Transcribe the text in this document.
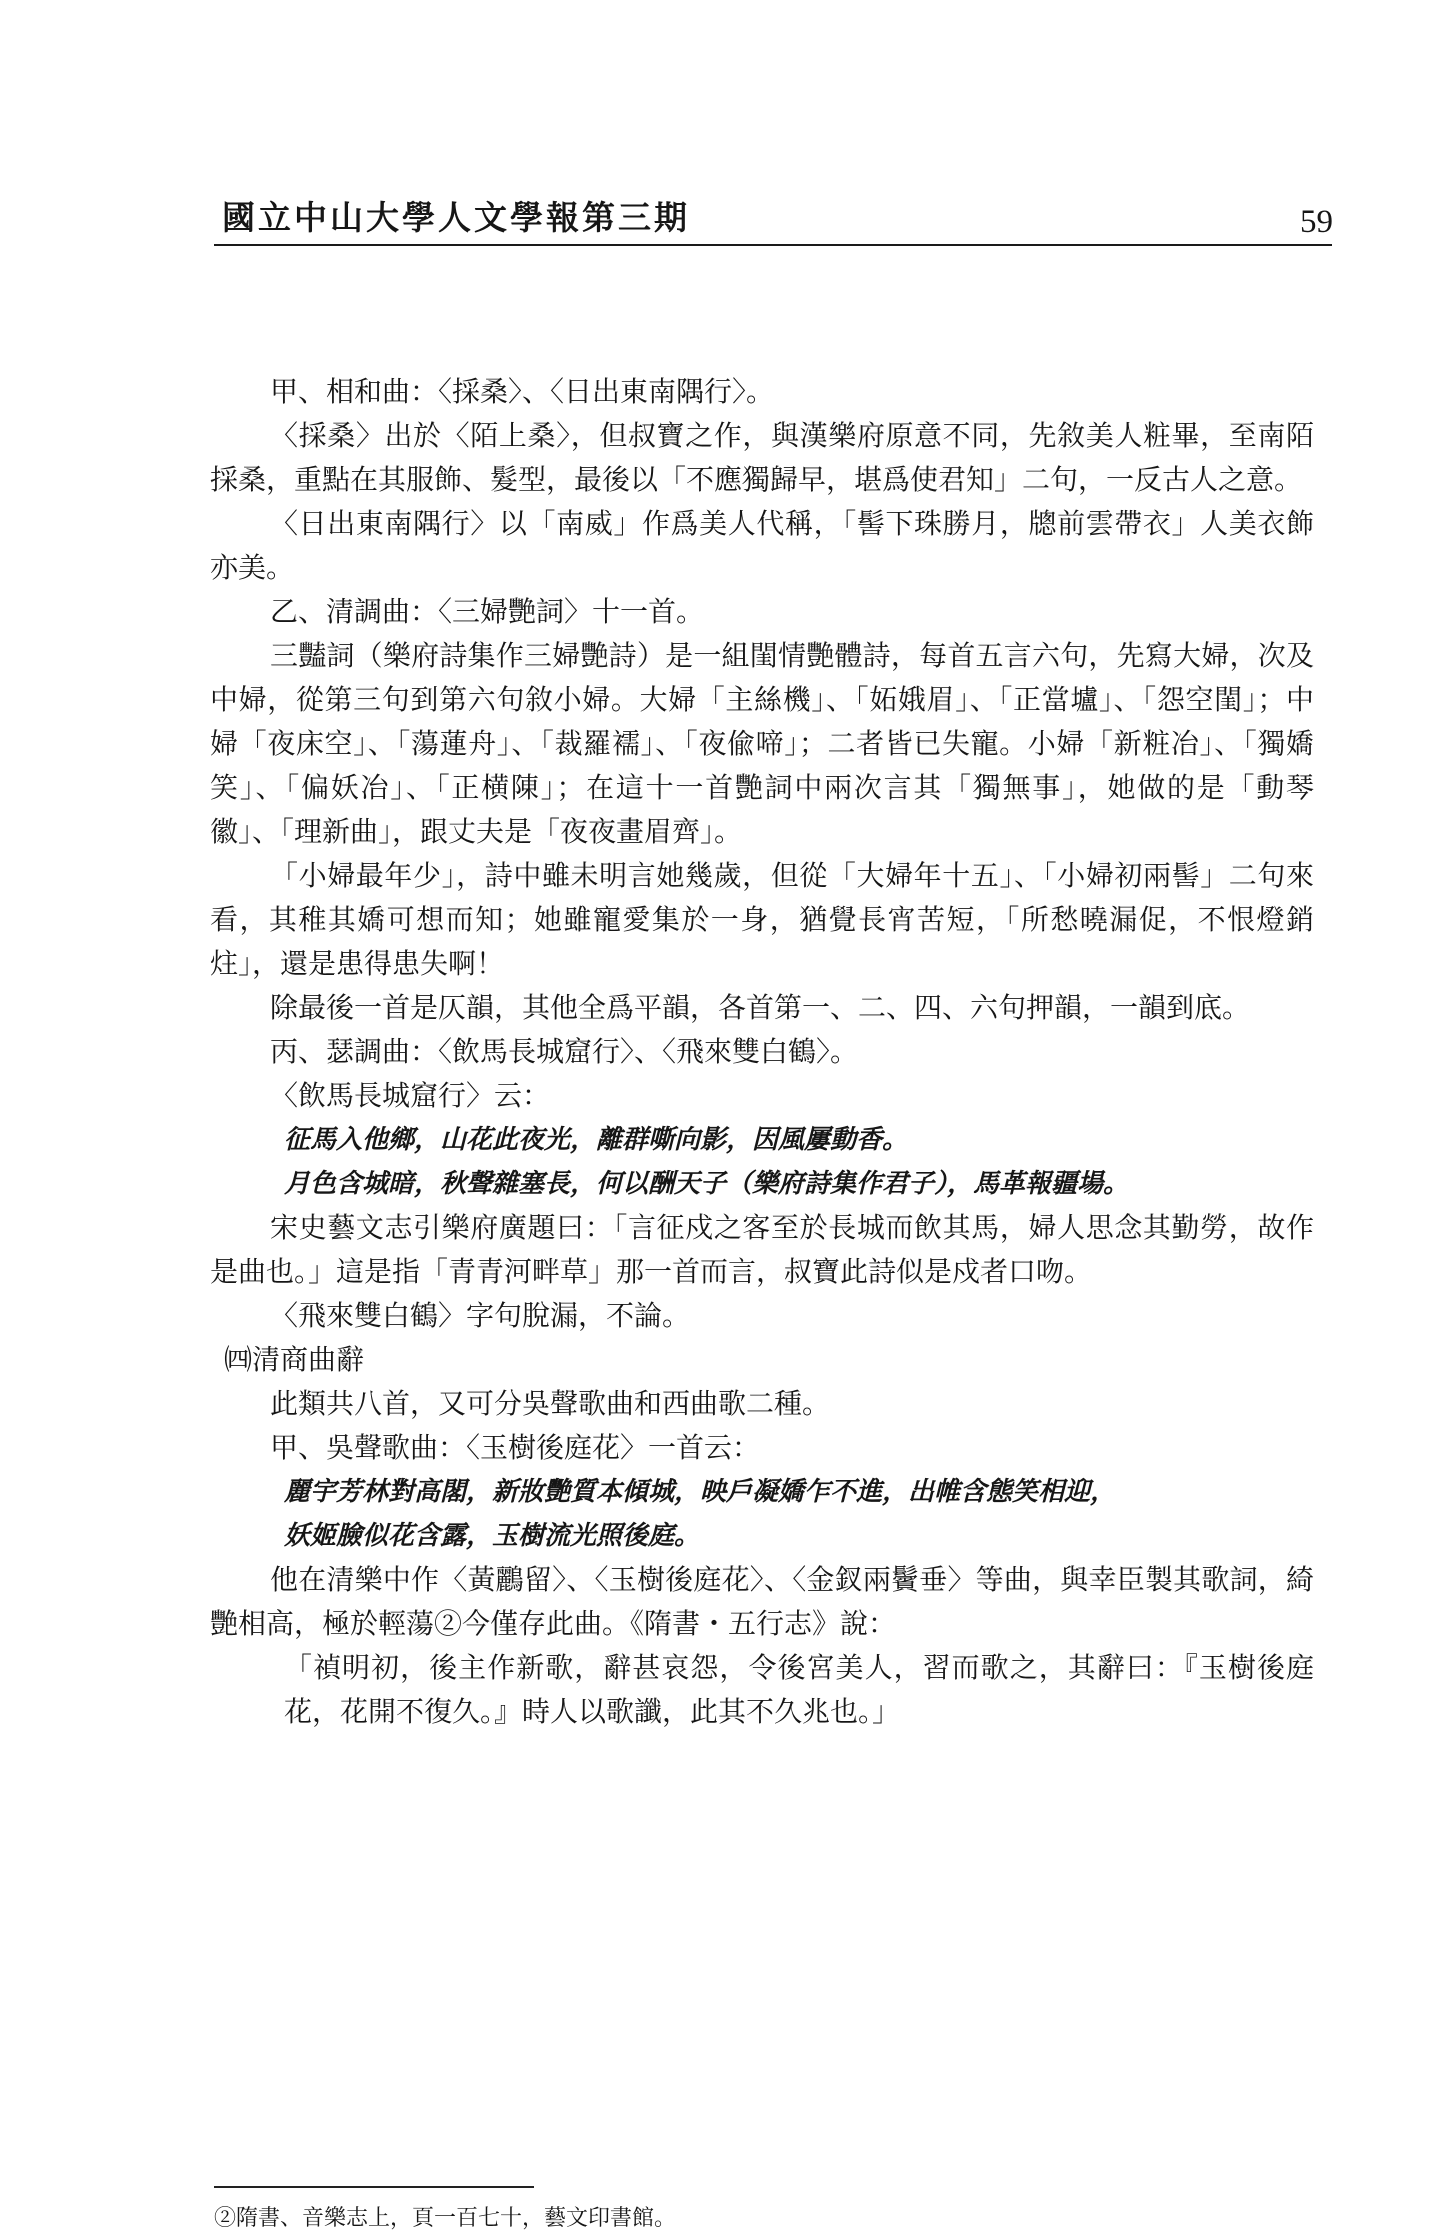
國立中山大學人文學報第三期	59

甲、相和曲：〈採桑〉、〈日出東南隅行〉。

〈採桑〉出於〈陌上桑〉，但叔寶之作，與漢樂府原意不同，先敘美人粧畢，至南陌採桑，重點在其服飾、髮型，最後以「不應獨歸早，堪爲使君知」二句，一反古人之意。

〈日出東南隅行〉以「南威」作爲美人代稱，「髻下珠勝月，牕前雲帶衣」人美衣飾亦美。

乙、清調曲：〈三婦艷詞〉十一首。

三豔詞（樂府詩集作三婦艷詩）是一組閨情艷體詩，每首五言六句，先寫大婦，次及中婦，從第三句到第六句敘小婦。大婦「主絲機」、「妬娥眉」、「正當壚」、「怨空閨」；中婦「夜床空」、「蕩蓮舟」、「裁羅襦」、「夜偸啼」；二者皆已失寵。小婦「新粧冶」、「獨嬌笑」、「偏妖冶」、「正横陳」；在這十一首艷詞中兩次言其「獨無事」，她做的是「動琴徽」、「理新曲」，跟丈夫是「夜夜畫眉齊」。

「小婦最年少」，詩中雖未明言她幾歲，但從「大婦年十五」、「小婦初兩髻」二句來看，其稚其嬌可想而知；她雖寵愛集於一身，猶覺長宵苦短，「所愁曉漏促，不恨燈銷炷」，還是患得患失啊！

除最後一首是仄韻，其他全爲平韻，各首第一、二、四、六句押韻，一韻到底。

丙、瑟調曲：〈飲馬長城窟行〉、〈飛來雙白鶴〉。

〈飲馬長城窟行〉云：

征馬入他鄉，山花此夜光，離群嘶向影，因風屢動香。

月色含城暗，秋聲雜塞長，何以酬天子（樂府詩集作君子），馬革報疆場。

宋史藝文志引樂府廣題曰：「言征戍之客至於長城而飲其馬，婦人思念其勤勞，故作是曲也。」這是指「青青河畔草」那一首而言，叔寶此詩似是戍者口吻。

〈飛來雙白鶴〉字句脫漏，不論。

㈣清商曲辭

此類共八首，又可分吳聲歌曲和西曲歌二種。

甲、吳聲歌曲：〈玉樹後庭花〉一首云：

麗宇芳林對高閣，新妝艷質本傾城，映戶凝嬌乍不進，出帷含態笑相迎，

妖姬臉似花含露，玉樹流光照後庭。

他在清樂中作〈黃鸝留〉、〈玉樹後庭花〉、〈金釵兩鬢垂〉等曲，與幸臣製其歌詞，綺艷相高，極於輕蕩②今僅存此曲。《隋書・五行志》說：

「禎明初，後主作新歌，辭甚哀怨，令後宮美人，習而歌之，其辭曰：『玉樹後庭花，花開不復久。』時人以歌讖，此其不久兆也。」

②隋書、音樂志上，頁一百七十，藝文印書館。
